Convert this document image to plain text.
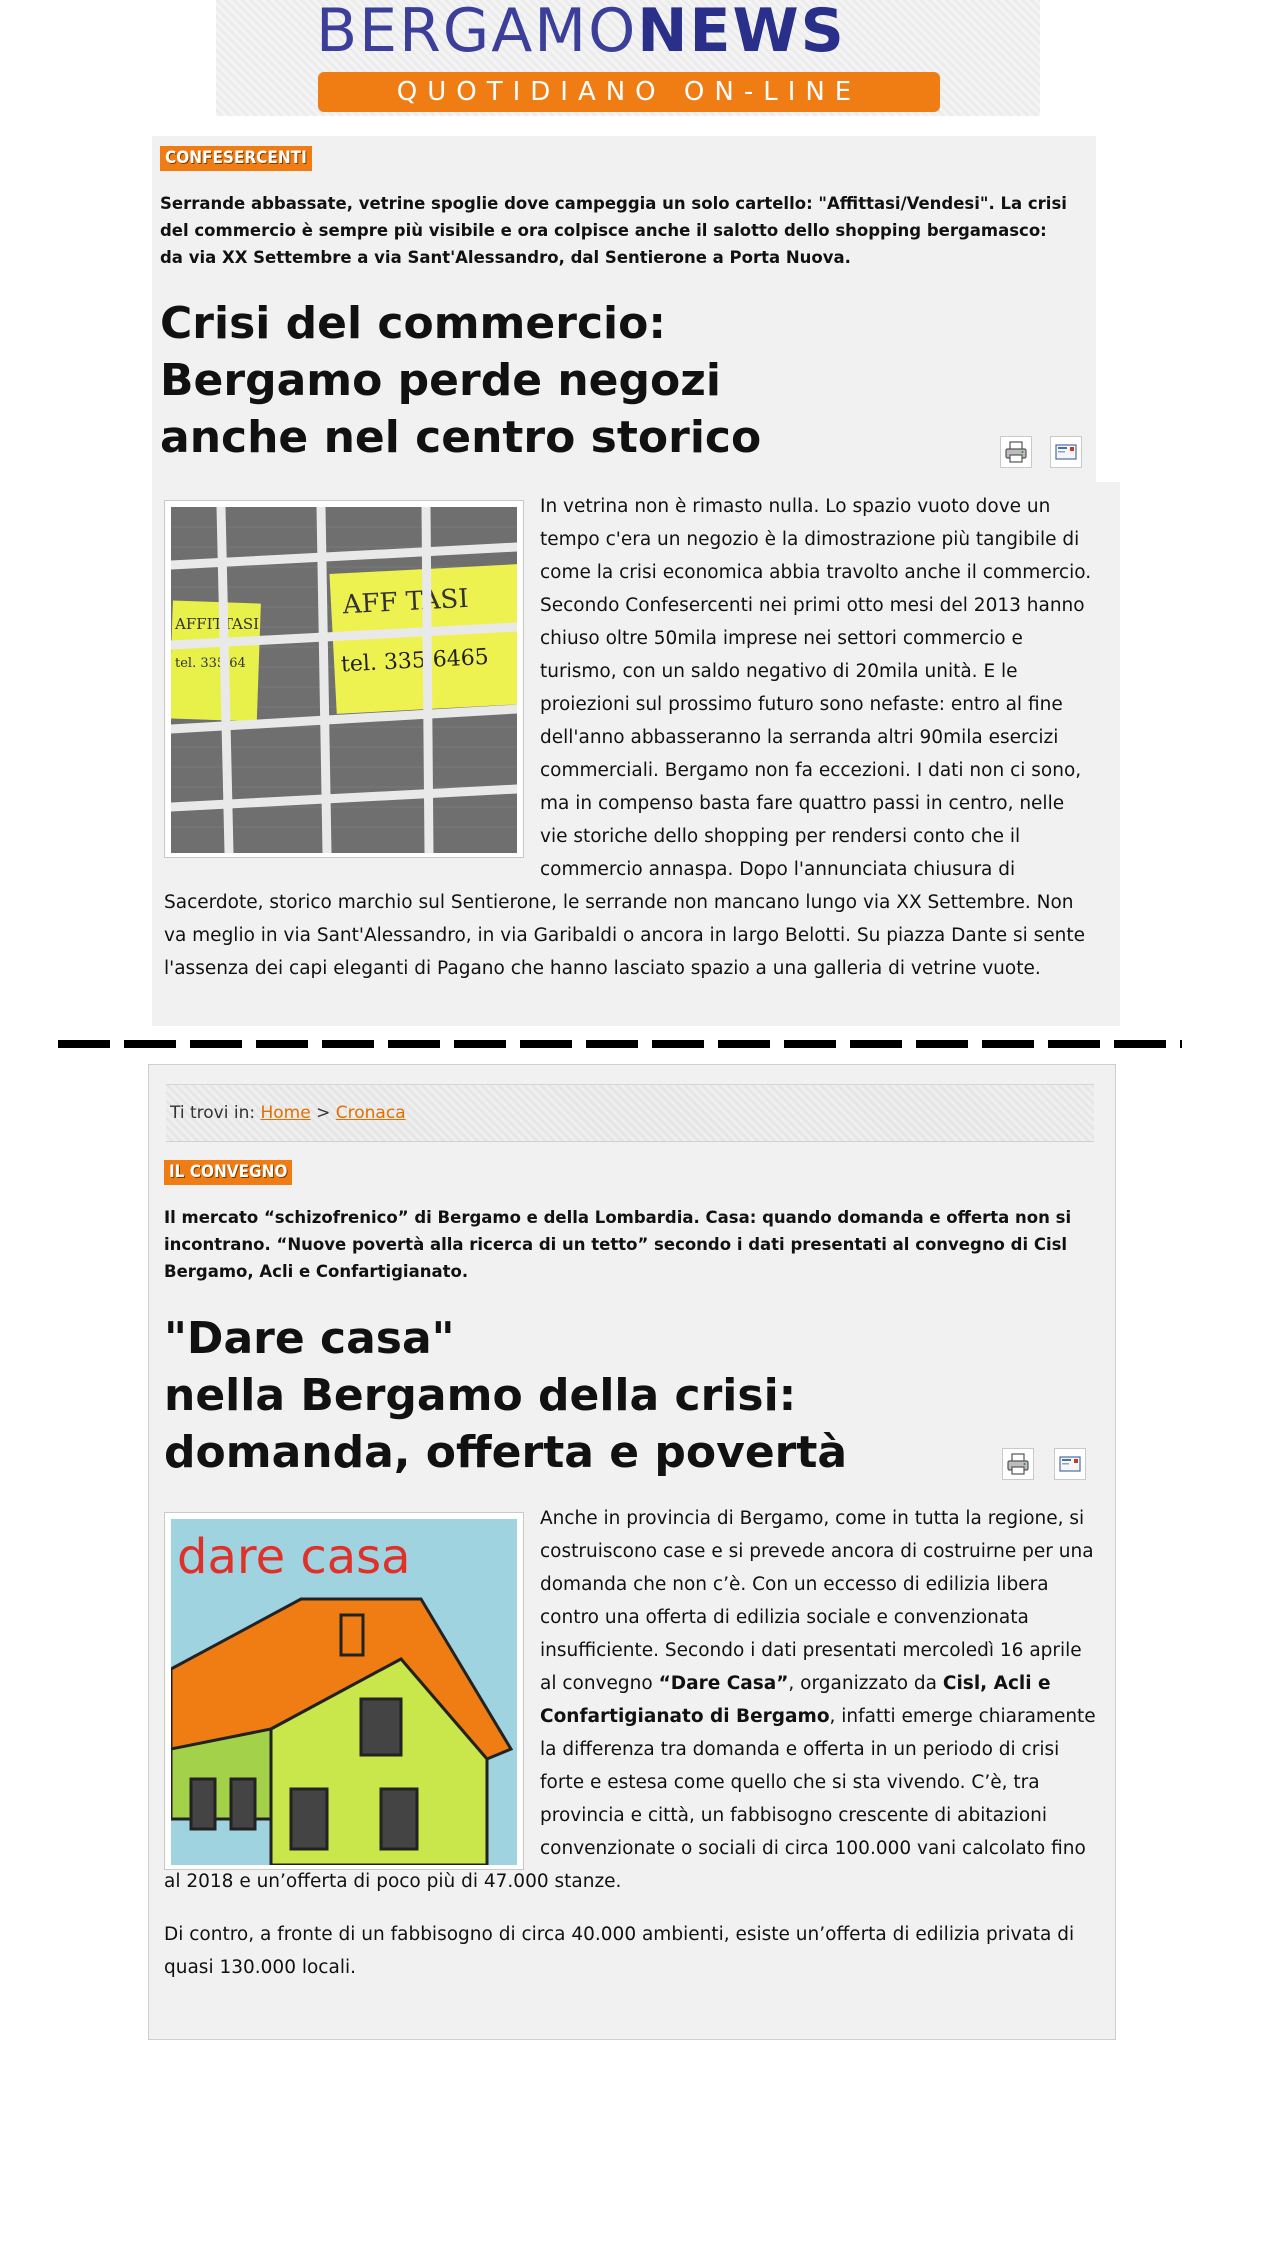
BERGAMONEWS
QUOTIDIANO ON-LINE
CONFESERCENTI
Serrande abbassate, vetrine spoglie dove campeggia un solo cartello: "Affittasi/Vendesi". La crisi del commercio è sempre più visibile e ora colpisce anche il salotto dello shopping bergamasco: da via XX Settembre a via Sant'Alessandro, dal Sentierone a Porta Nuova.
Crisi del commercio:
Bergamo perde negozi
anche nel centro storico
AFFITTASI
tel. 335.64
AFF TASI
tel. 335.6465
In vetrina non è rimasto nulla. Lo spazio vuoto dove un tempo c'era un negozio è la dimostrazione più tangibile di come la crisi economica abbia travolto anche il commercio. Secondo Confesercenti nei primi otto mesi del 2013 hanno chiuso oltre 50mila imprese nei settori commercio e turismo, con un saldo negativo di 20mila unità. E le proiezioni sul prossimo futuro sono nefaste: entro al fine dell'anno abbasseranno la serranda altri 90mila esercizi commerciali. Bergamo non fa eccezioni. I dati non ci sono, ma in compenso basta fare quattro passi in centro, nelle vie storiche dello shopping per rendersi conto che il commercio annaspa. Dopo l'annunciata chiusura di Sacerdote, storico marchio sul Sentierone, le serrande non mancano lungo via XX Settembre. Non va meglio in via Sant'Alessandro, in via Garibaldi o ancora in largo Belotti. Su piazza Dante si sente l'assenza dei capi eleganti di Pagano che hanno lasciato spazio a una galleria di vetrine vuote.
Ti trovi in: Home > Cronaca
IL CONVEGNO
Il mercato “schizofrenico” di Bergamo e della Lombardia. Casa: quando domanda e offerta non si incontrano. “Nuove povertà alla ricerca di un tetto” secondo i dati presentati al convegno di Cisl Bergamo, Acli e Confartigianato.
"Dare casa"
nella Bergamo della crisi:
domanda, offerta e povertà
dare casa

Anche in provincia di Bergamo, come in tutta la regione, si costruiscono case e si prevede ancora di costruirne per una domanda che non c’è. Con un eccesso di edilizia libera contro una offerta di edilizia sociale e convenzionata insufficiente. Secondo i dati presentati mercoledì 16 aprile al convegno “Dare Casa”, organizzato da Cisl, Acli e Confartigianato di Bergamo, infatti emerge chiaramente la differenza tra domanda e offerta in un periodo di crisi forte e estesa come quello che si sta vivendo. C’è, tra provincia e città, un fabbisogno crescente di abitazioni convenzionate o sociali di circa 100.000 vani calcolato fino al 2018 e un’offerta di poco più di 47.000 stanze.

Di contro, a fronte di un fabbisogno di circa 40.000 ambienti, esiste un’offerta di edilizia privata di quasi 130.000 locali.
